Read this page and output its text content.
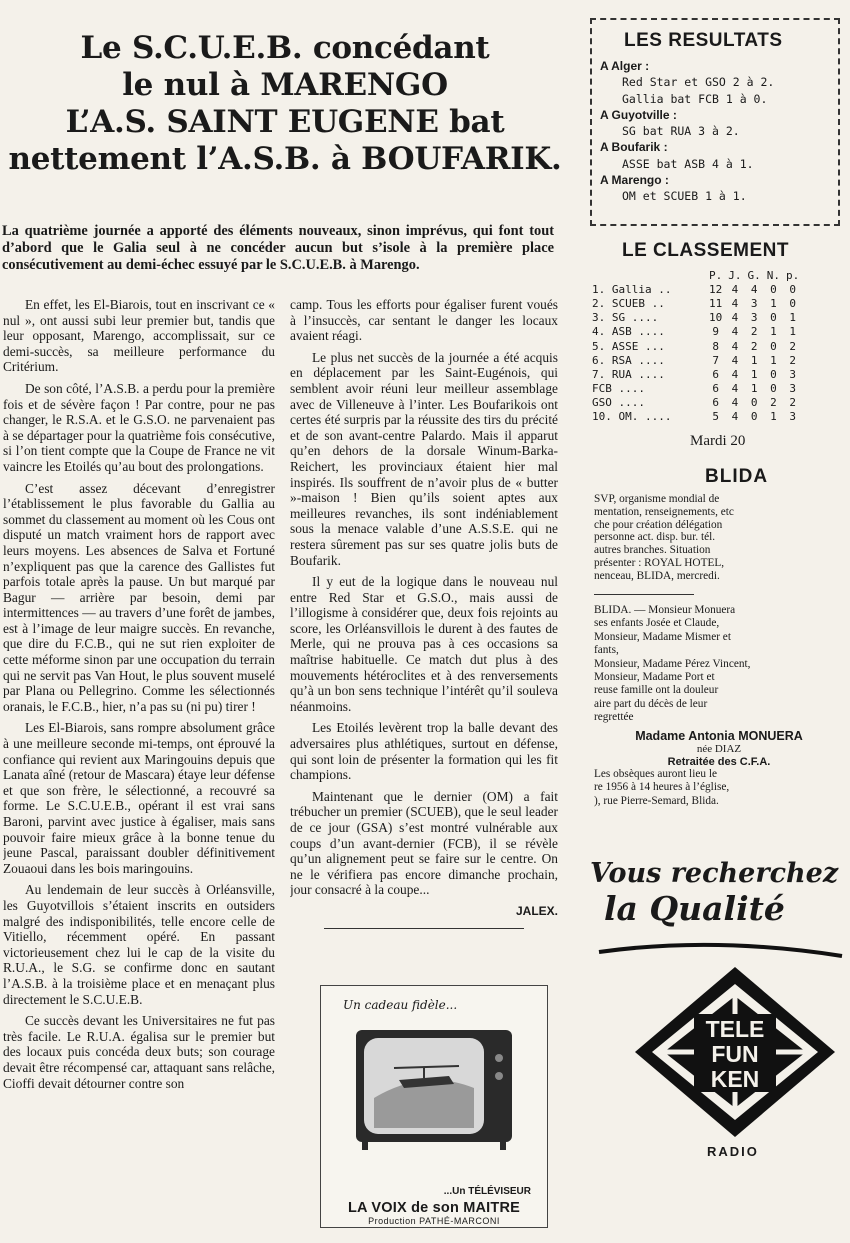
Le S.C.U.E.B. concédant
le nul à MARENGO
L’A.S. SAINT EUGENE bat
nettement l’A.S.B. à BOUFARIK.
La quatrième journée a apporté des éléments nouveaux, sinon imprévus, qui font tout d’abord que le Galia seul à ne concéder aucun but s’isole à la première place consécutivement au demi-échec essuyé par le S.C.U.E.B. à Marengo.

En effet, les El-Biarois, tout en inscrivant ce « nul », ont aussi subi leur premier but, tandis que leur opposant, Marengo, accomplissait, sur ce demi-succès, sa meilleure performance du Critérium.

De son côté, l’A.S.B. a perdu pour la première fois et de sévère façon ! Par contre, pour ne pas changer, le R.S.A. et le G.S.O. ne parvenaient pas à se départager pour la quatrième fois consécutive, si l’on tient compte que la Coupe de France ne vit vaincre les Etoilés qu’au bout des prolongations.

C’est assez décevant d’enregistrer l’établissement le plus favorable du Gallia au sommet du classement au moment où les Cous ont disputé un match vraiment hors de rapport avec leurs moyens. Les absences de Salva et Fortuné n’expliquent pas que la carence des Gallistes fut parfois totale après la pause. Un but marqué par Bagur — arrière par besoin, demi par intermittences — au travers d’une forêt de jambes, est à l’image de leur maigre succès. En revanche, que dire du F.C.B., qui ne sut rien exploiter de cette méforme sinon par une occupation du terrain qui ne servit pas Van Hout, le plus souvent muselé par Plana ou Pellegrino. Comme les sélectionnés oranais, le F.C.B., hier, n’a pas su (ni pu) tirer !

Les El-Biarois, sans rompre absolument grâce à une meilleure seconde mi-temps, ont éprouvé la confiance qui revient aux Maringouins depuis que Lanata aîné (retour de Mascara) étaye leur défense et que son frère, le sélectionné, a recouvré sa forme. Le S.C.U.E.B., opérant il est vrai sans Baroni, parvint avec justice à égaliser, mais sans pouvoir faire mieux grâce à la bonne tenue du jeune Pascal, paraissant doubler définitivement Zouaoui dans les bois maringouins.

Au lendemain de leur succès à Orléansville, les Guyotvillois s’étaient inscrits en outsiders malgré des indisponibilités, telle encore celle de Vitiello, récemment opéré. En passant victorieusement chez lui le cap de la visite du R.U.A., le S.G. se confirme donc en sautant l’A.S.B. à la troisième place et en menaçant plus directement le S.C.U.E.B.

Ce succès devant les Universitaires ne fut pas très facile. Le R.U.A. égalisa sur le premier but des locaux puis concéda deux buts; son courage devait être récompensé car, attaquant sans relâche, Cioffi devait détourner contre son

camp. Tous les efforts pour égaliser furent voués à l’insuccès, car sentant le danger les locaux avaient réagi.

Le plus net succès de la journée a été acquis en déplacement par les Saint-Eugénois, qui semblent avoir réuni leur meilleur assemblage avec de Villeneuve à l’inter. Les Boufarikois ont certes été surpris par la réussite des tirs du précité et de son avant-centre Palardo. Mais il apparut qu’en dehors de la dorsale Winum-Barka-Reichert, les provinciaux étaient hier mal inspirés. Ils souffrent de n’avoir plus de « butter »-maison ! Bien qu’ils soient aptes aux meilleures revanches, ils sont indéniablement sous la menace valable d’une A.S.S.E. qui ne restera sûrement pas sur ses quatre jolis buts de Boufarik.

Il y eut de la logique dans le nouveau nul entre Red Star et G.S.O., mais aussi de l’illogisme à considérer que, deux fois rejoints au score, les Orléansvillois le durent à des fautes de Merle, qui ne prouva pas à ces occasions sa maîtrise habituelle. Ce match dut plus à des mouvements hétéroclites et à des renversements qu’à un bon sens technique l’intérêt qu’il souleva néanmoins.

Les Etoilés levèrent trop la balle devant des adversaires plus athlétiques, surtout en défense, qui sont loin de présenter la formation qui les fit champions.

Maintenant que le dernier (OM) a fait trébucher un premier (SCUEB), que le seul leader de ce jour (GSA) s’est montré vulnérable aux coups d’un avant-dernier (FCB), il se révèle qu’un alignement peut se faire sur le centre. On ne le vérifiera pas encore dimanche prochain, jour consacré à la coupe...

JALEX.
LES RESULTATS
A Alger :
Red Star et GSO 2 à 2.
Gallia bat FCB 1 à 0.
A Guyotville :
SG bat RUA 3 à 2.
A Boufarik :
ASSE bat ASB 4 à 1.
A Marengo :
OM et SCUEB 1 à 1.
LE CLASSEMENT
	P.	J.	G.	N.	p.
1. Gallia ..	12	4	4	0	0
2. SCUEB ..	11	4	3	1	0
3. SG ....	10	4	3	0	1
4. ASB ....	9	4	2	1	1
5. ASSE ...	8	4	2	0	2
6. RSA ....	7	4	1	1	2
7. RUA ....	6	4	1	0	3
FCB ....	6	4	1	0	3
GSO ....	6	4	0	2	2
10. OM. ....	5	4	0	1	3
Mardi 20
BLIDA
SVP, organisme mondial de
mentation, renseignements, etc
che pour création délégation
personne act. disp. bur. tél.
autres branches. Situation
présenter : ROYAL HOTEL,
nenceau, BLIDA, mercredi.
BLIDA. — Monsieur Monuera
ses enfants Josée et Claude,
Monsieur, Madame Mismer et
fants,
Monsieur, Madame Pérez Vincent,
Monsieur, Madame Port et
reuse famille ont la douleur
aire part du décès de leur
regrettée
Madame Antonia MONUERA
née DIAZ
Retraitée des C.F.A.
Les obsèques auront lieu le
re 1956 à 14 heures à l’église,
), rue Pierre-Semard, Blida.
Vous recherchez
la Qualité
TELE
FUN
KEN
RADIO
Un cadeau fidèle...
...Un TÉLÉVISEUR
LA VOIX de son MAITRE
Production PATHÉ-MARCONI
